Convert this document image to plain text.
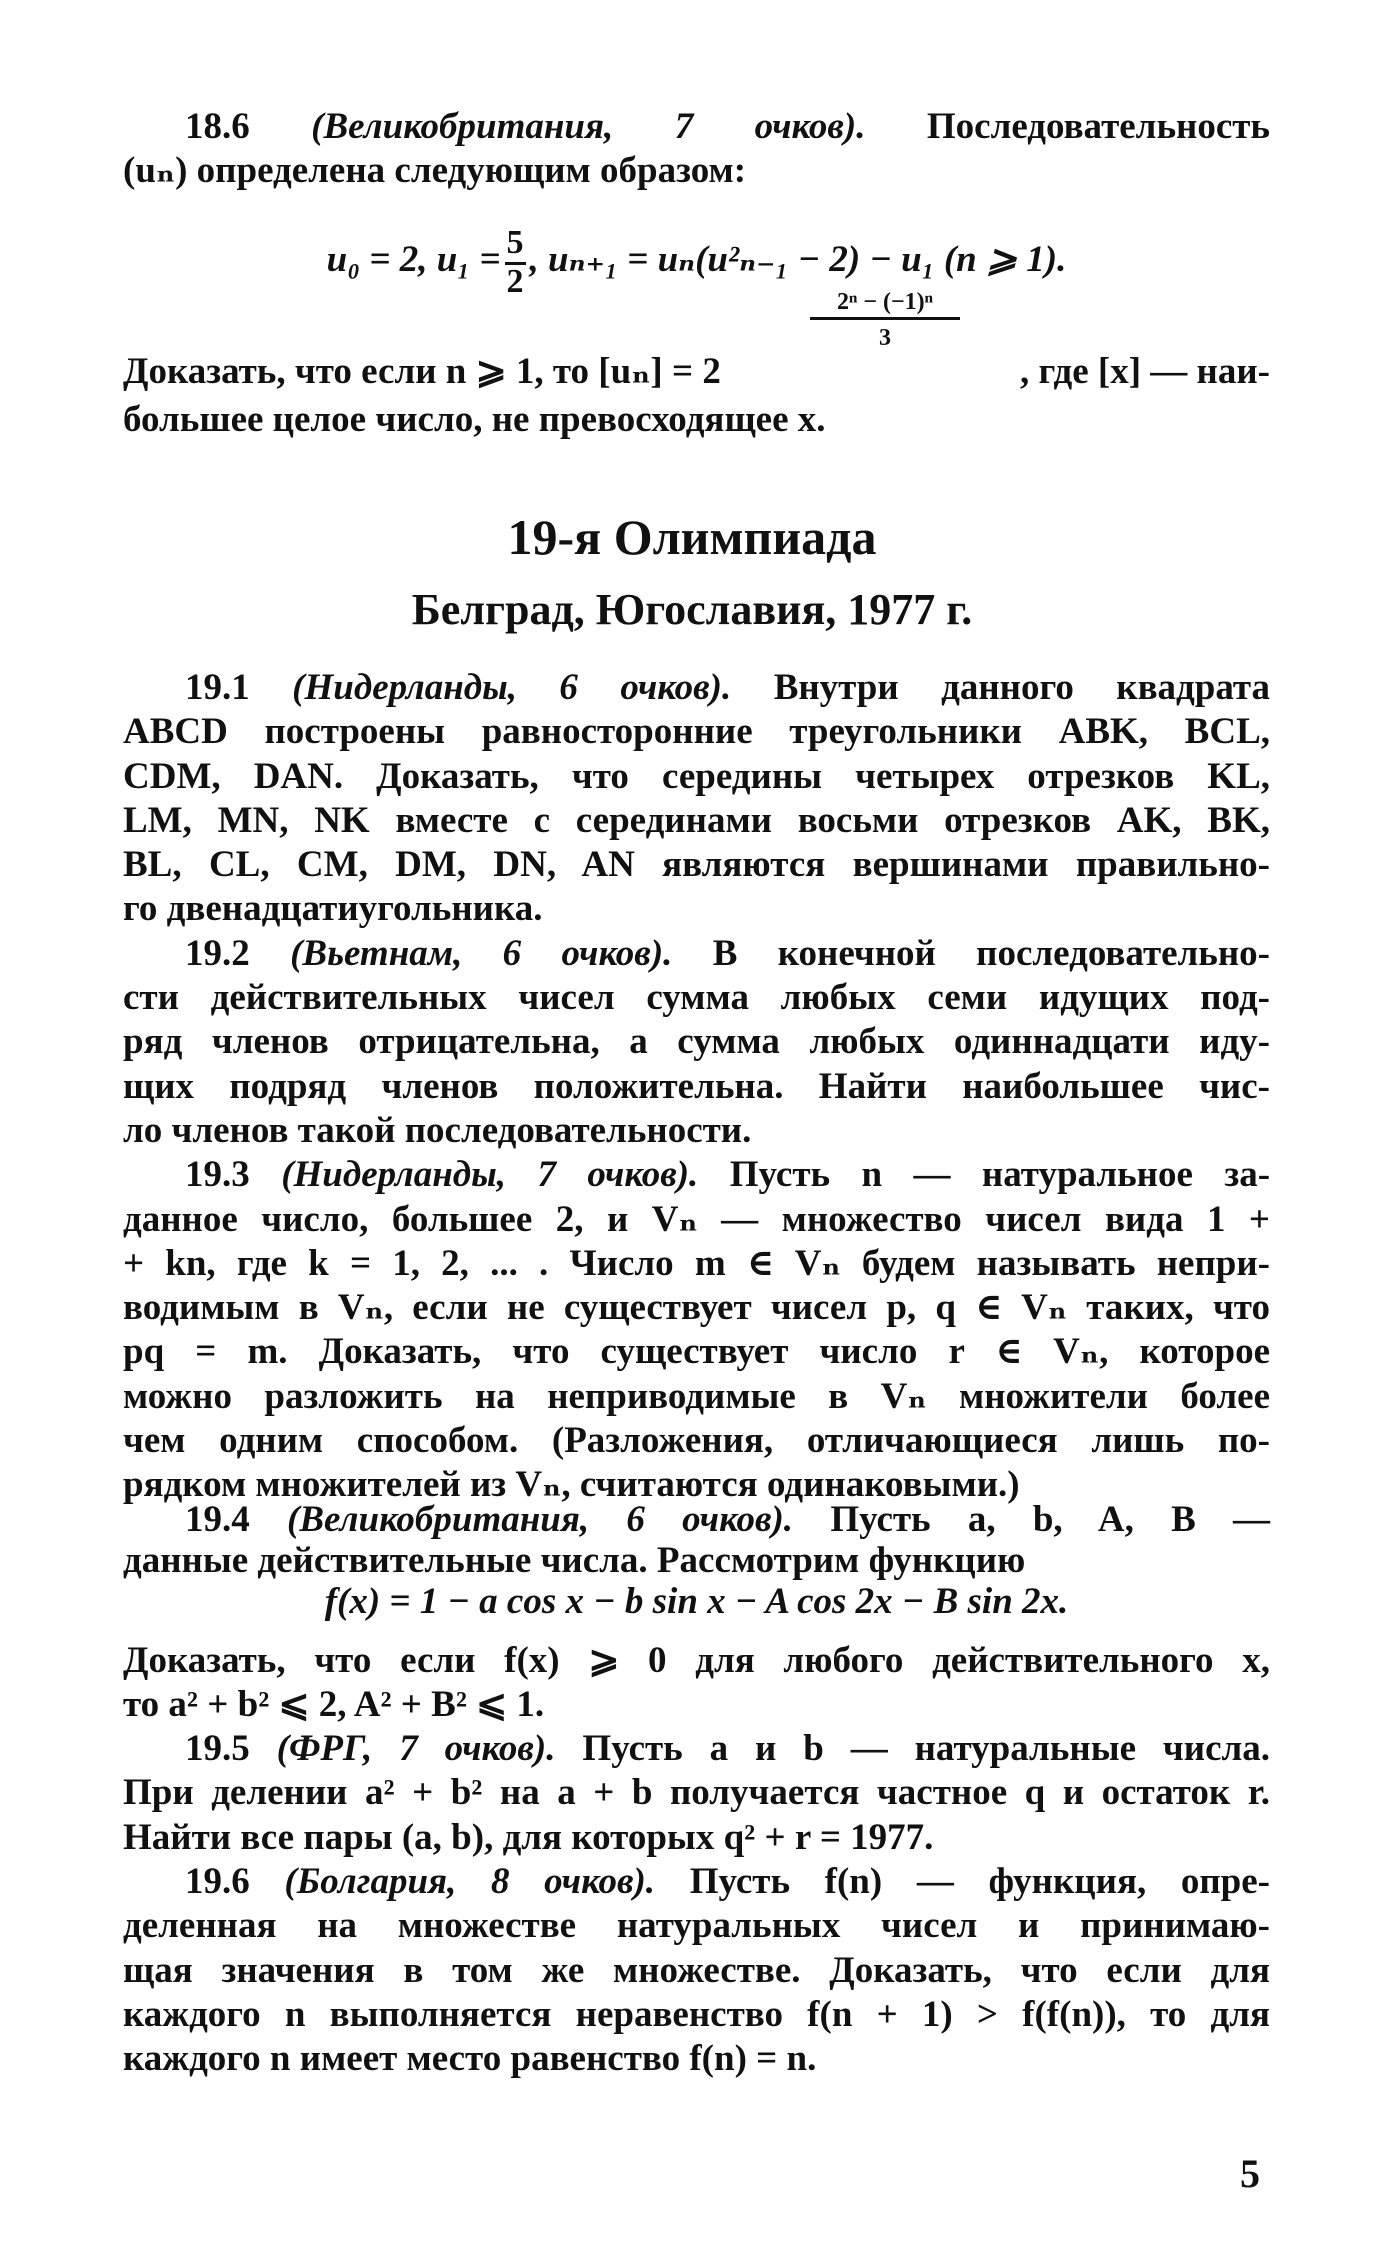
18.6 (Великобритания, 7 очков). Последовательность
(uₙ) определена следующим образом:
u₀ = 2, $u_1 = \frac{5}{2}$ , uₙ₊₁ = uₙ(u²ₙ₋₁ − 2) − u₁ (n ⩾ 1).
$\frac{\text{2ⁿ − (−1)ⁿ}}{3}$
Доказать, что если n ⩾ 1, то [uₙ] = 2	, где [x] — наи-
большее целое число, не превосходящее x.
19-я Олимпиада
Белград, Югославия, 1977 г.
19.1 (Нидерланды, 6 очков). Внутри данного квадрата
ABCD построены равносторонние треугольники ABK, BCL,
CDM, DAN. Доказать, что середины четырех отрезков KL,
LM, MN, NK вместе с серединами восьми отрезков AK, BK,
BL, CL, CM, DM, DN, AN являются вершинами правильно-
го двенадцатиугольника.
19.2 (Вьетнам, 6 очков). В конечной последовательно-
сти действительных чисел сумма любых семи идущих под-
ряд членов отрицательна, а сумма любых одиннадцати иду-
щих подряд членов положительна. Найти наибольшее чис-
ло членов такой последовательности.
19.3 (Нидерланды, 7 очков). Пусть n — натуральное за-
данное число, большее 2, и Vₙ — множество чисел вида 1 +
+ kn, где k = 1, 2, ... . Число m ∈ Vₙ будем называть непри-
водимым в Vₙ, если не существует чисел p, q ∈ Vₙ таких, что
pq = m. Доказать, что существует число r ∈ Vₙ, которое
можно разложить на неприводимые в Vₙ множители более
чем одним способом. (Разложения, отличающиеся лишь по-
рядком множителей из Vₙ, считаются одинаковыми.)
19.4 (Великобритания, 6 очков). Пусть a, b, A, B —
данные действительные числа. Рассмотрим функцию
f(x) = 1 − a cos x − b sin x − A cos 2x − B sin 2x.
Доказать, что если f(x) ⩾ 0 для любого действительного x,
то a² + b² ⩽ 2, A² + B² ⩽ 1.
19.5 (ФРГ, 7 очков). Пусть a и b — натуральные числа.
При делении a² + b² на a + b получается частное q и остаток r.
Найти все пары (a, b), для которых q² + r = 1977.
19.6 (Болгария, 8 очков). Пусть f(n) — функция, опре-
деленная на множестве натуральных чисел и принимаю-
щая значения в том же множестве. Доказать, что если для
каждого n выполняется неравенство f(n + 1) > f(f(n)), то для
каждого n имеет место равенство f(n) = n.
5
